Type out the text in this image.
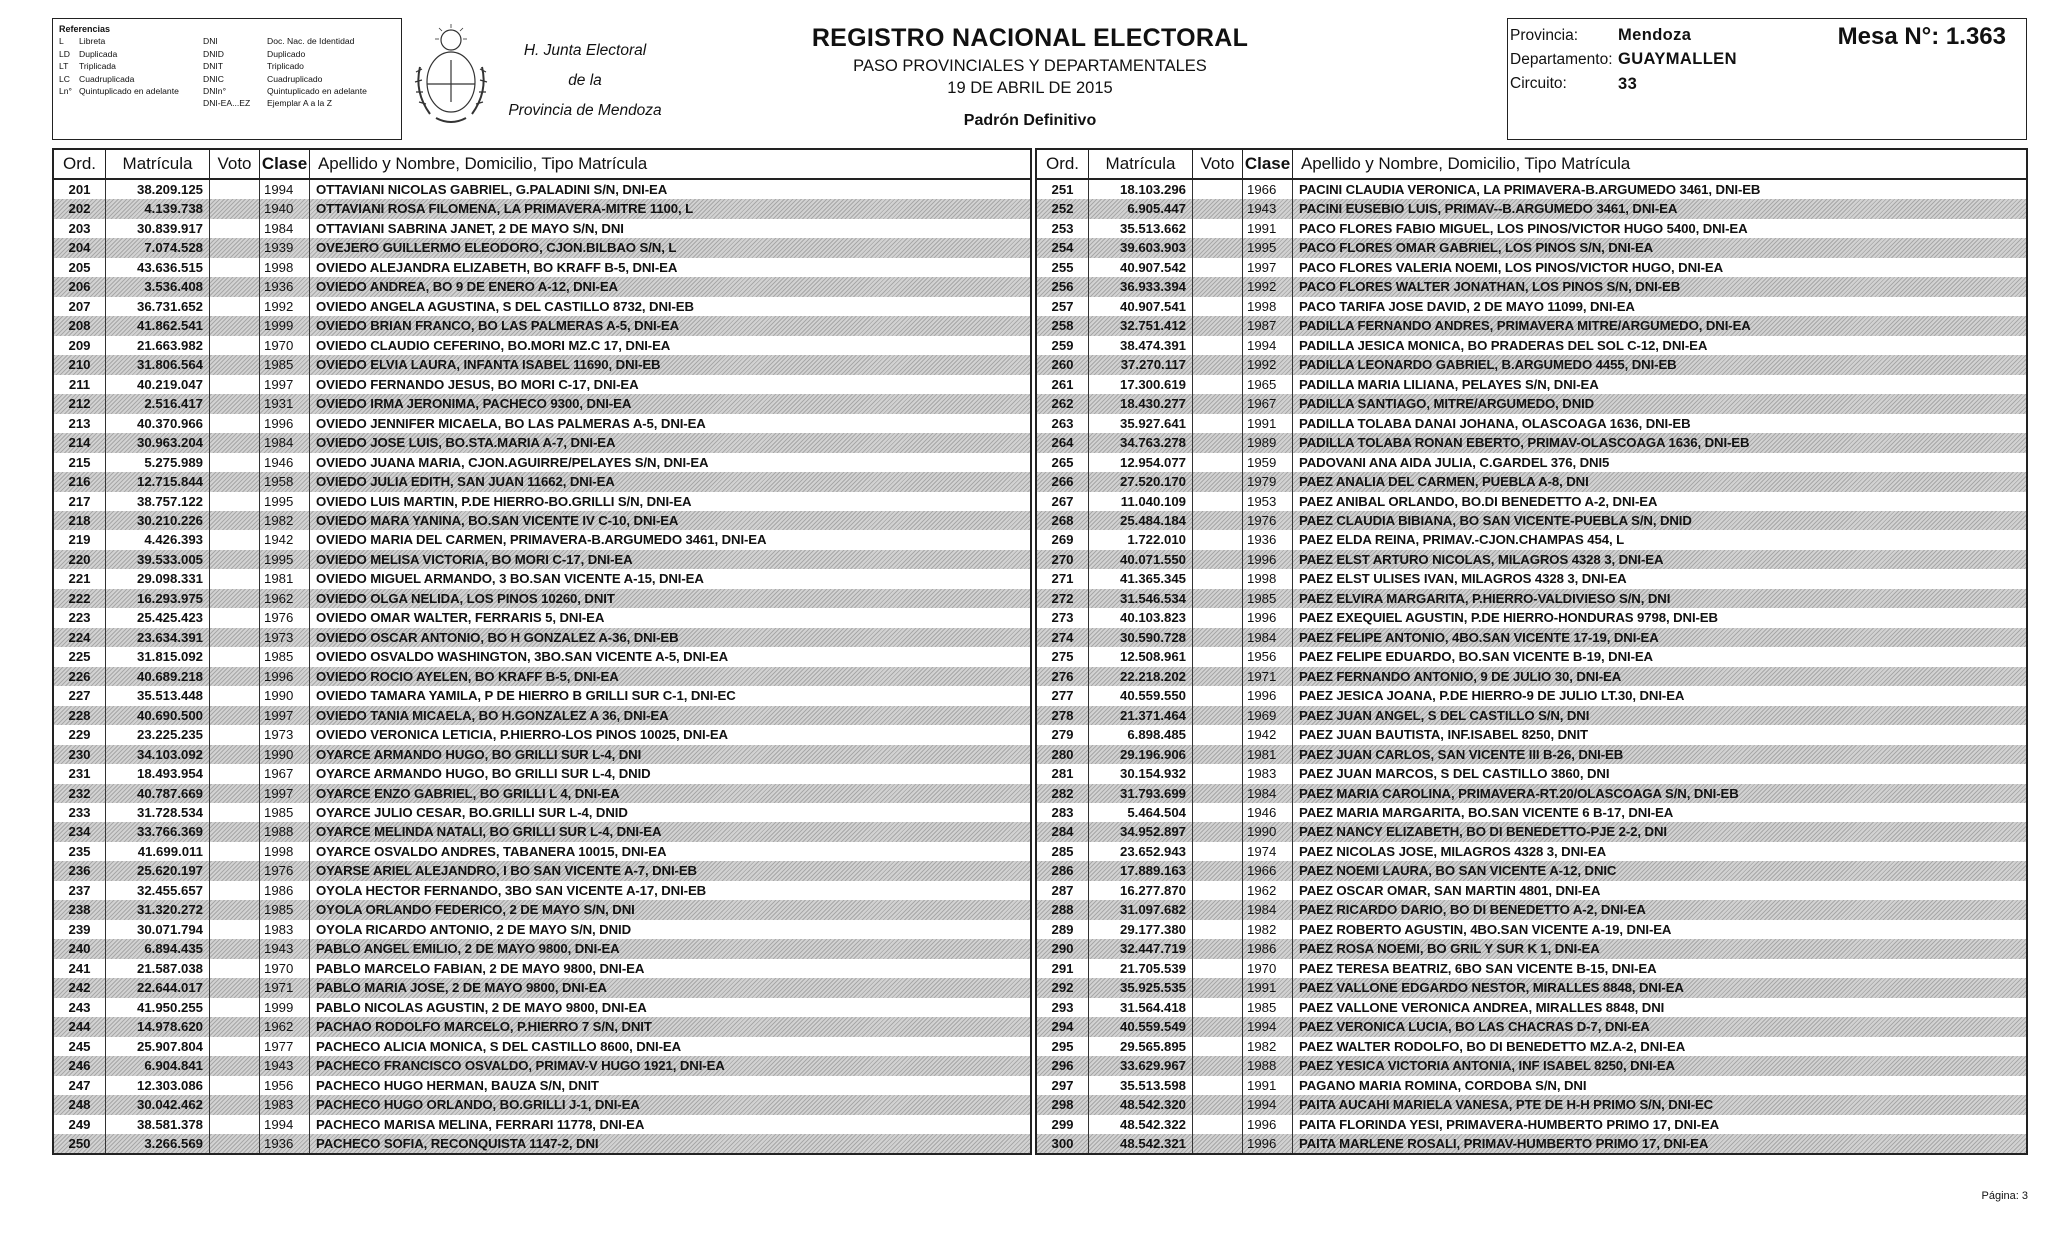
Referencias
L	Libreta	DNI	Doc. Nac. de Identidad
LD	Duplicada	DNID	Duplicado
LT	Triplicada	DNIT	Triplicado
LC	Cuadruplicada	DNIC	Cuadruplicado
Ln° Quintuplicado en adelante	DNIn°	Quintuplicado en adelante
DNI-EA...EZ	Ejemplar A a la Z
H. Junta Electoral
de la
Provincia de Mendoza
REGISTRO NACIONAL ELECTORAL
PASO PROVINCIALES Y DEPARTAMENTALES
19 DE ABRIL DE 2015
Padrón Definitivo
Provincia: Mendoza
Departamento: GUAYMALLEN
Circuito:	33
Mesa N°: 1.363
Ord.	Matrícula	Voto Clase Apellido y Nombre, Domicilio, Tipo Matrícula
201	38.209.125	1994	OTTAVIANI NICOLAS GABRIEL, G.PALADINI S/N, DNI-EA
202	4.139.738	1940	OTTAVIANI ROSA FILOMENA, LA PRIMAVERA-MITRE 1100, L
203	30.839.917	1984	OTTAVIANI SABRINA JANET, 2 DE MAYO S/N, DNI
204	7.074.528	1939	OVEJERO GUILLERMO ELEODORO, CJON.BILBAO S/N, L
205	43.636.515	1998	OVIEDO ALEJANDRA ELIZABETH, BO KRAFF B-5, DNI-EA
206	3.536.408	1936	OVIEDO ANDREA, BO 9 DE ENERO A-12, DNI-EA
207	36.731.652	1992	OVIEDO ANGELA AGUSTINA, S DEL CASTILLO 8732, DNI-EB
208	41.862.541	1999	OVIEDO BRIAN FRANCO, BO LAS PALMERAS A-5, DNI-EA
209	21.663.982	1970	OVIEDO CLAUDIO CEFERINO, BO.MORI MZ.C 17, DNI-EA
210	31.806.564	1985	OVIEDO ELVIA LAURA, INFANTA ISABEL 11690, DNI-EB
211	40.219.047	1997	OVIEDO FERNANDO JESUS, BO MORI C-17, DNI-EA
212	2.516.417	1931	OVIEDO IRMA JERONIMA, PACHECO 9300, DNI-EA
213	40.370.966	1996	OVIEDO JENNIFER MICAELA, BO LAS PALMERAS A-5, DNI-EA
214	30.963.204	1984	OVIEDO JOSE LUIS, BO.STA.MARIA A-7, DNI-EA
215	5.275.989	1946	OVIEDO JUANA MARIA, CJON.AGUIRRE/PELAYES S/N, DNI-EA
216	12.715.844	1958	OVIEDO JULIA EDITH, SAN JUAN 11662, DNI-EA
217	38.757.122	1995	OVIEDO LUIS MARTIN, P.DE HIERRO-BO.GRILLI S/N, DNI-EA
218	30.210.226	1982	OVIEDO MARA YANINA, BO.SAN VICENTE IV C-10, DNI-EA
219	4.426.393	1942	OVIEDO MARIA DEL CARMEN, PRIMAVERA-B.ARGUMEDO 3461, DNI-EA
220	39.533.005	1995	OVIEDO MELISA VICTORIA, BO MORI C-17, DNI-EA
221	29.098.331	1981	OVIEDO MIGUEL ARMANDO, 3 BO.SAN VICENTE A-15, DNI-EA
222	16.293.975	1962	OVIEDO OLGA NELIDA, LOS PINOS 10260, DNIT
223	25.425.423	1976	OVIEDO OMAR WALTER, FERRARIS 5, DNI-EA
224	23.634.391	1973	OVIEDO OSCAR ANTONIO, BO H GONZALEZ A-36, DNI-EB
225	31.815.092	1985	OVIEDO OSVALDO WASHINGTON, 3BO.SAN VICENTE A-5, DNI-EA
226	40.689.218	1996	OVIEDO ROCIO AYELEN, BO KRAFF B-5, DNI-EA
227	35.513.448	1990	OVIEDO TAMARA YAMILA, P DE HIERRO B GRILLI SUR C-1, DNI-EC
228	40.690.500	1997	OVIEDO TANIA MICAELA, BO H.GONZALEZ A 36, DNI-EA
229	23.225.235	1973	OVIEDO VERONICA LETICIA, P.HIERRO-LOS PINOS 10025, DNI-EA
230	34.103.092	1990	OYARCE ARMANDO HUGO, BO GRILLI SUR L-4, DNI
231	18.493.954	1967	OYARCE ARMANDO HUGO, BO GRILLI SUR L-4, DNID
232	40.787.669	1997	OYARCE ENZO GABRIEL, BO GRILLI L 4, DNI-EA
233	31.728.534	1985	OYARCE JULIO CESAR, BO.GRILLI SUR L-4, DNID
234	33.766.369	1988	OYARCE MELINDA NATALI, BO GRILLI SUR L-4, DNI-EA
235	41.699.011	1998	OYARCE OSVALDO ANDRES, TABANERA 10015, DNI-EA
236	25.620.197	1976	OYARSE ARIEL ALEJANDRO, I BO SAN VICENTE A-7, DNI-EB
237	32.455.657	1986	OYOLA HECTOR FERNANDO, 3BO SAN VICENTE A-17, DNI-EB
238	31.320.272	1985	OYOLA ORLANDO FEDERICO, 2 DE MAYO S/N, DNI
239	30.071.794	1983	OYOLA RICARDO ANTONIO, 2 DE MAYO S/N, DNID
240	6.894.435	1943	PABLO ANGEL EMILIO, 2 DE MAYO 9800, DNI-EA
241	21.587.038	1970	PABLO MARCELO FABIAN, 2 DE MAYO 9800, DNI-EA
242	22.644.017	1971	PABLO MARIA JOSE, 2 DE MAYO 9800, DNI-EA
243	41.950.255	1999	PABLO NICOLAS AGUSTIN, 2 DE MAYO 9800, DNI-EA
244	14.978.620	1962	PACHAO RODOLFO MARCELO, P.HIERRO 7 S/N, DNIT
245	25.907.804	1977	PACHECO ALICIA MONICA, S DEL CASTILLO 8600, DNI-EA
246	6.904.841	1943	PACHECO FRANCISCO OSVALDO, PRIMAV-V HUGO 1921, DNI-EA
247	12.303.086	1956	PACHECO HUGO HERMAN, BAUZA S/N, DNIT
248	30.042.462	1983	PACHECO HUGO ORLANDO, BO.GRILLI J-1, DNI-EA
249	38.581.378	1994	PACHECO MARISA MELINA, FERRARI 11778, DNI-EA
250	3.266.569	1936	PACHECO SOFIA, RECONQUISTA 1147-2, DNI
Ord.	Matrícula	Voto Clase Apellido y Nombre, Domicilio, Tipo Matrícula
251	18.103.296	1966	PACINI CLAUDIA VERONICA, LA PRIMAVERA-B.ARGUMEDO 3461, DNI-EB
252	6.905.447	1943	PACINI EUSEBIO LUIS, PRIMAV--B.ARGUMEDO 3461, DNI-EA
253	35.513.662	1991	PACO FLORES FABIO MIGUEL, LOS PINOS/VICTOR HUGO 5400, DNI-EA
254	39.603.903	1995	PACO FLORES OMAR GABRIEL, LOS PINOS S/N, DNI-EA
255	40.907.542	1997	PACO FLORES VALERIA NOEMI, LOS PINOS/VICTOR HUGO, DNI-EA
256	36.933.394	1992	PACO FLORES WALTER JONATHAN, LOS PINOS S/N, DNI-EB
257	40.907.541	1998	PACO TARIFA JOSE DAVID, 2 DE MAYO 11099, DNI-EA
258	32.751.412	1987	PADILLA FERNANDO ANDRES, PRIMAVERA MITRE/ARGUMEDO, DNI-EA
259	38.474.391	1994	PADILLA JESICA MONICA, BO PRADERAS DEL SOL C-12, DNI-EA
260	37.270.117	1992	PADILLA LEONARDO GABRIEL, B.ARGUMEDO 4455, DNI-EB
261	17.300.619	1965	PADILLA MARIA LILIANA, PELAYES S/N, DNI-EA
262	18.430.277	1967	PADILLA SANTIAGO, MITRE/ARGUMEDO, DNID
263	35.927.641	1991	PADILLA TOLABA DANAI JOHANA, OLASCOAGA 1636, DNI-EB
264	34.763.278	1989	PADILLA TOLABA RONAN EBERTO, PRIMAV-OLASCOAGA 1636, DNI-EB
265	12.954.077	1959	PADOVANI ANA AIDA JULIA, C.GARDEL 376, DNI5
266	27.520.170	1979	PAEZ ANALIA DEL CARMEN, PUEBLA A-8, DNI
267	11.040.109	1953	PAEZ ANIBAL ORLANDO, BO.DI BENEDETTO A-2, DNI-EA
268	25.484.184	1976	PAEZ CLAUDIA BIBIANA, BO SAN VICENTE-PUEBLA S/N, DNID
269	1.722.010	1936	PAEZ ELDA REINA, PRIMAV.-CJON.CHAMPAS 454, L
270	40.071.550	1996	PAEZ ELST ARTURO NICOLAS, MILAGROS 4328 3, DNI-EA
271	41.365.345	1998	PAEZ ELST ULISES IVAN, MILAGROS 4328 3, DNI-EA
272	31.546.534	1985	PAEZ ELVIRA MARGARITA, P.HIERRO-VALDIVIESO S/N, DNI
273	40.103.823	1996	PAEZ EXEQUIEL AGUSTIN, P.DE HIERRO-HONDURAS 9798, DNI-EB
274	30.590.728	1984	PAEZ FELIPE ANTONIO, 4BO.SAN VICENTE 17-19, DNI-EA
275	12.508.961	1956	PAEZ FELIPE EDUARDO, BO.SAN VICENTE B-19, DNI-EA
276	22.218.202	1971	PAEZ FERNANDO ANTONIO, 9 DE JULIO 30, DNI-EA
277	40.559.550	1996	PAEZ JESICA JOANA, P.DE HIERRO-9 DE JULIO LT.30, DNI-EA
278	21.371.464	1969	PAEZ JUAN ANGEL, S DEL CASTILLO S/N, DNI
279	6.898.485	1942	PAEZ JUAN BAUTISTA, INF.ISABEL 8250, DNIT
280	29.196.906	1981	PAEZ JUAN CARLOS, SAN VICENTE III B-26, DNI-EB
281	30.154.932	1983	PAEZ JUAN MARCOS, S DEL CASTILLO 3860, DNI
282	31.793.699	1984	PAEZ MARIA CAROLINA, PRIMAVERA-RT.20/OLASCOAGA S/N, DNI-EB
283	5.464.504	1946	PAEZ MARIA MARGARITA, BO.SAN VICENTE 6 B-17, DNI-EA
284	34.952.897	1990	PAEZ NANCY ELIZABETH, BO DI BENEDETTO-PJE 2-2, DNI
285	23.652.943	1974	PAEZ NICOLAS JOSE, MILAGROS 4328 3, DNI-EA
286	17.889.163	1966	PAEZ NOEMI LAURA, BO SAN VICENTE A-12, DNIC
287	16.277.870	1962	PAEZ OSCAR OMAR, SAN MARTIN 4801, DNI-EA
288	31.097.682	1984	PAEZ RICARDO DARIO, BO DI BENEDETTO A-2, DNI-EA
289	29.177.380	1982	PAEZ ROBERTO AGUSTIN, 4BO.SAN VICENTE A-19, DNI-EA
290	32.447.719	1986	PAEZ ROSA NOEMI, BO GRIL Y SUR K 1, DNI-EA
291	21.705.539	1970	PAEZ TERESA BEATRIZ, 6BO SAN VICENTE B-15, DNI-EA
292	35.925.535	1991	PAEZ VALLONE EDGARDO NESTOR, MIRALLES 8848, DNI-EA
293	31.564.418	1985	PAEZ VALLONE VERONICA ANDREA, MIRALLES 8848, DNI
294	40.559.549	1994	PAEZ VERONICA LUCIA, BO LAS CHACRAS D-7, DNI-EA
295	29.565.895	1982	PAEZ WALTER RODOLFO, BO DI BENEDETTO MZ.A-2, DNI-EA
296	33.629.967	1988	PAEZ YESICA VICTORIA ANTONIA, INF ISABEL 8250, DNI-EA
297	35.513.598	1991	PAGANO MARIA ROMINA, CORDOBA S/N, DNI
298	48.542.320	1994	PAITA AUCAHI MARIELA VANESA, PTE DE H-H PRIMO S/N, DNI-EC
299	48.542.322	1996	PAITA FLORINDA YESI, PRIMAVERA-HUMBERTO PRIMO 17, DNI-EA
300	48.542.321	1996	PAITA MARLENE ROSALI, PRIMAV-HUMBERTO PRIMO 17, DNI-EA
Página: 3
